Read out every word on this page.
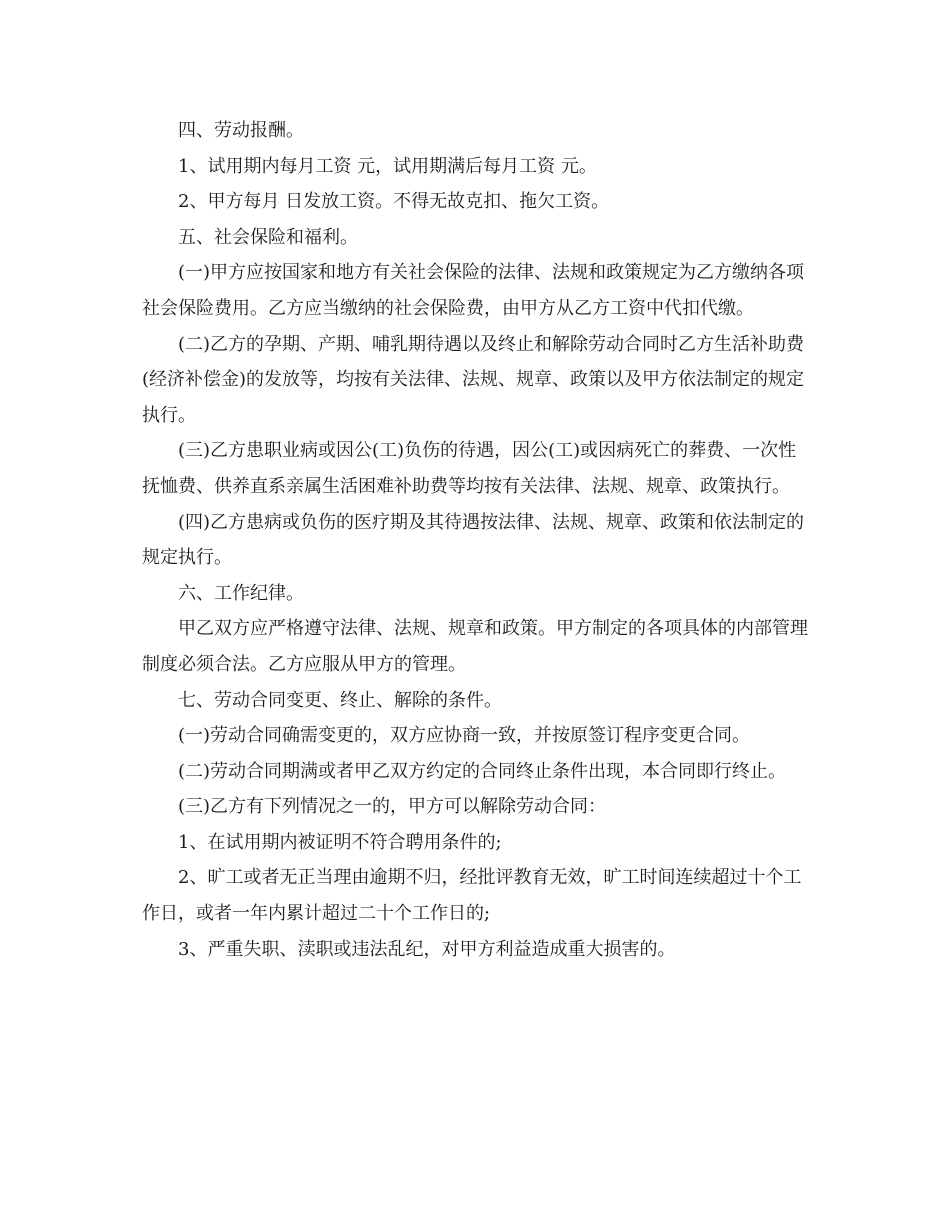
四、劳动报酬。

1、试用期内每月工资 元，试用期满后每月工资 元。

2、甲方每月 日发放工资。不得无故克扣、拖欠工资。

五、社会保险和福利。

(一)甲方应按国家和地方有关社会保险的法律、法规和政策规定为乙方缴纳各项社会保险费用。乙方应当缴纳的社会保险费，由甲方从乙方工资中代扣代缴。

(二)乙方的孕期、产期、哺乳期待遇以及终止和解除劳动合同时乙方生活补助费(经济补偿金)的发放等，均按有关法律、法规、规章、政策以及甲方依法制定的规定执行。

(三)乙方患职业病或因公(工)负伤的待遇，因公(工)或因病死亡的葬费、一次性抚恤费、供养直系亲属生活困难补助费等均按有关法律、法规、规章、政策执行。

(四)乙方患病或负伤的医疗期及其待遇按法律、法规、规章、政策和依法制定的规定执行。

六、工作纪律。

甲乙双方应严格遵守法律、法规、规章和政策。甲方制定的各项具体的内部管理制度必须合法。乙方应服从甲方的管理。

七、劳动合同变更、终止、解除的条件。

(一)劳动合同确需变更的，双方应协商一致，并按原签订程序变更合同。

(二)劳动合同期满或者甲乙双方约定的合同终止条件出现，本合同即行终止。

(三)乙方有下列情况之一的，甲方可以解除劳动合同：

1、在试用期内被证明不符合聘用条件的;

2、旷工或者无正当理由逾期不归，经批评教育无效，旷工时间连续超过十个工作日，或者一年内累计超过二十个工作日的;

3、严重失职、渎职或违法乱纪，对甲方利益造成重大损害的。
